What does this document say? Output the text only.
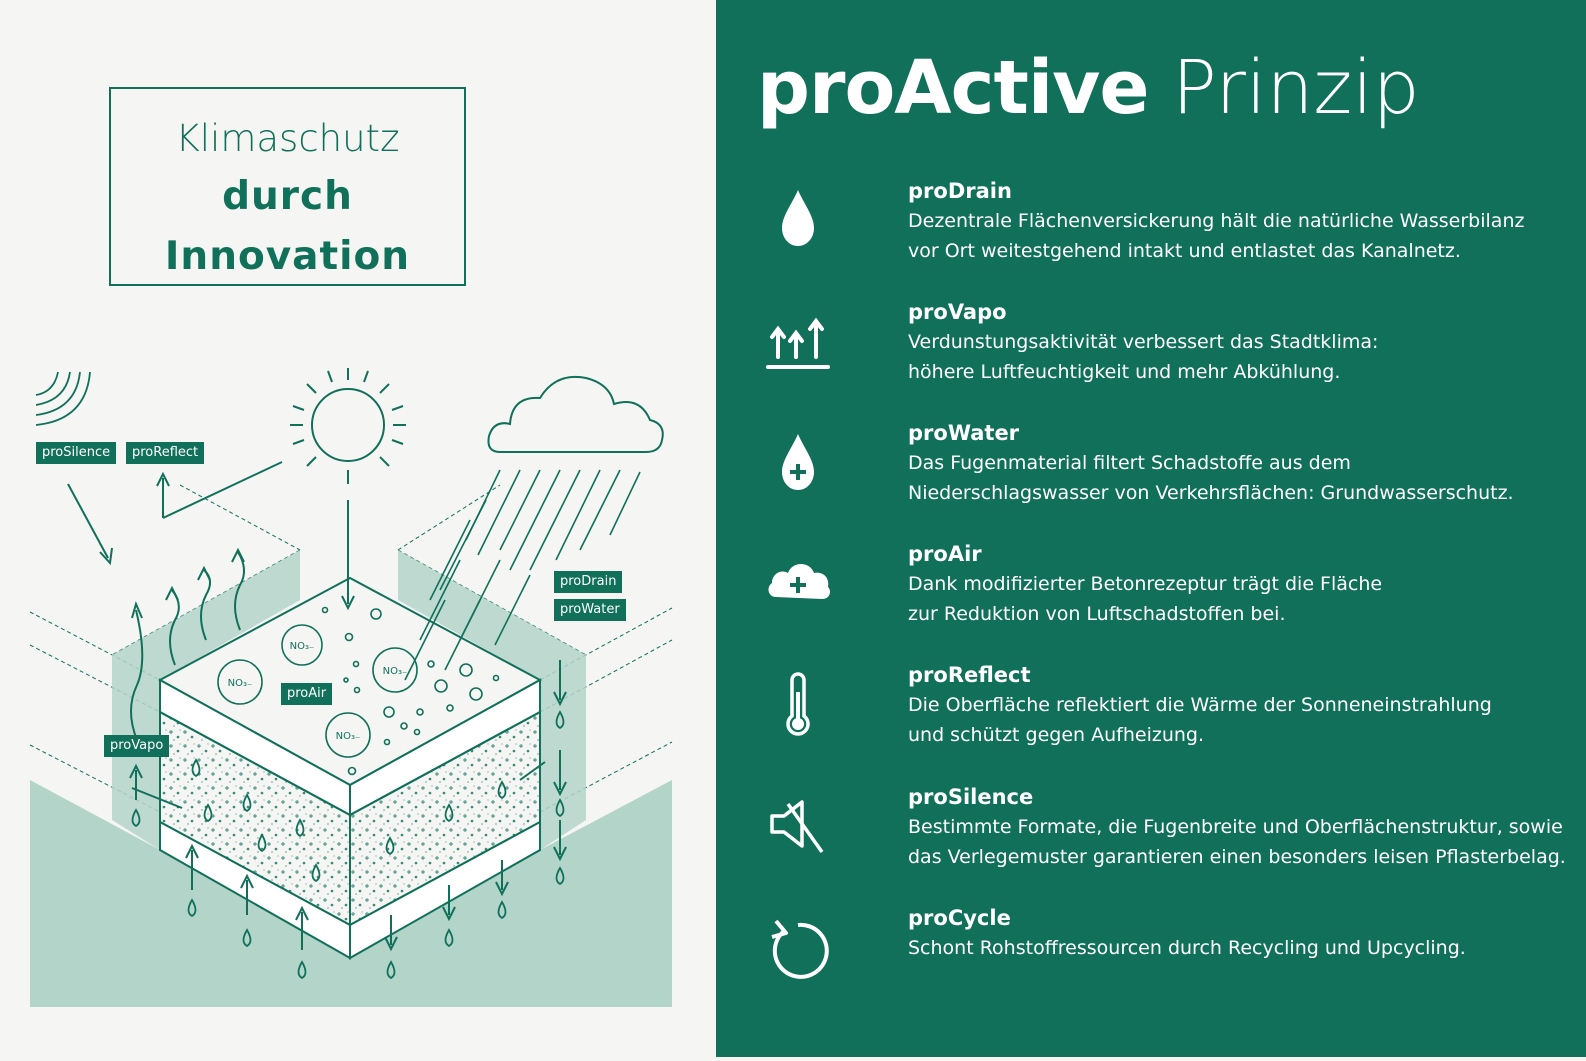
Klimaschutz
durch
Innovation
NO₃₋
NO₃₋
NO₃₋
NO₃₋
proSilence	proReflect
proDrain
proWater
proAir
proVapo
proActive Prinzip
proDrain
Dezentrale Flächenversickerung hält die natürliche Wasserbilanz
vor Ort weitestgehend intakt und entlastet das Kanalnetz.
proVapo
Verdunstungsaktivität verbessert das Stadtklima:
höhere Luftfeuchtigkeit und mehr Abkühlung.
proWater
Das Fugenmaterial filtert Schadstoffe aus dem
Niederschlagswasser von Verkehrsflächen: Grundwasserschutz.
proAir
Dank modifizierter Betonrezeptur trägt die Fläche
zur Reduktion von Luftschadstoffen bei.
proReflect
Die Oberfläche reflektiert die Wärme der Sonneneinstrahlung
und schützt gegen Aufheizung.
proSilence
Bestimmte Formate, die Fugenbreite und Oberflächenstruktur, sowie
das Verlegemuster garantieren einen besonders leisen Pflasterbelag.
proCycle
Schont Rohstoffressourcen durch Recycling und Upcycling.
